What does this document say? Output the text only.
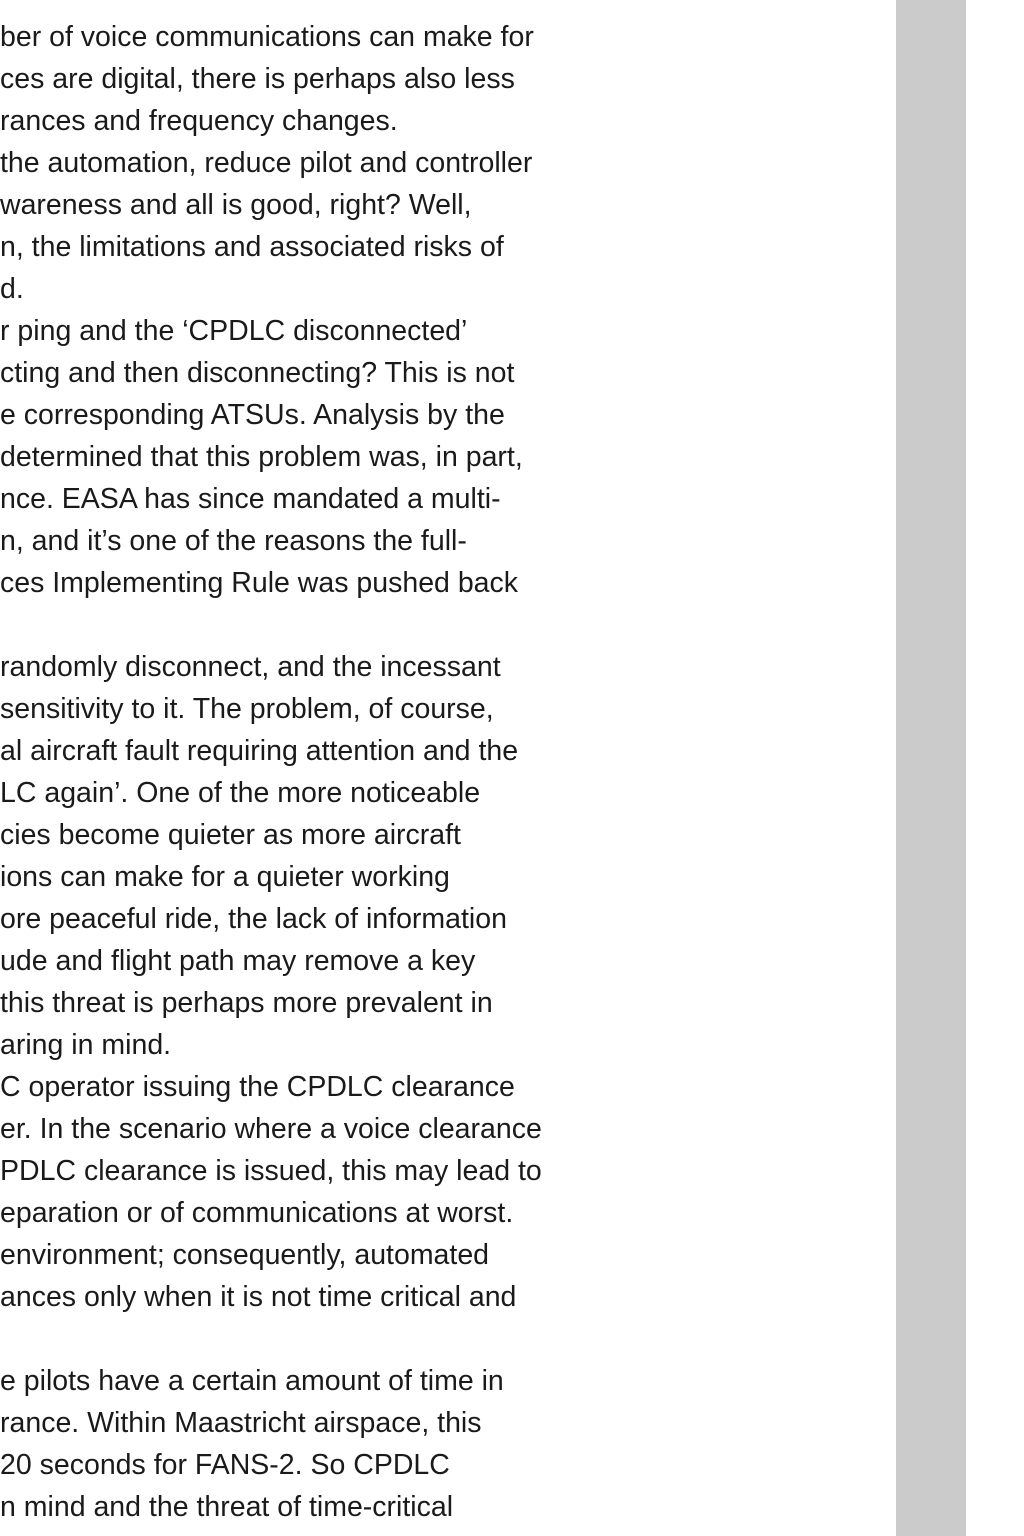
ber of voice communications can make for
ces are digital, there is perhaps also less
rances and frequency changes.
the automation, reduce pilot and controller
wareness and all is good, right? Well,
n, the limitations and associated risks of
d.
r ping and the ‘CPDLC disconnected’
cting and then disconnecting? This is not
e corresponding ATSUs. Analysis by the
determined that this problem was, in part,
nce. EASA has since mandated a multi-
n, and it’s one of the reasons the full-
ces Implementing Rule was pushed back
randomly disconnect, and the incessant
sensitivity to it. The problem, of course,
al aircraft fault requiring attention and the
LC again’. One of the more noticeable
cies become quieter as more aircraft
ions can make for a quieter working
ore peaceful ride, the lack of information
ude and flight path may remove a key
this threat is perhaps more prevalent in
aring in mind.
C operator issuing the CPDLC clearance
er. In the scenario where a voice clearance
PDLC clearance is issued, this may lead to
eparation or of communications at worst.
environment; consequently, automated
ances only when it is not time critical and
e pilots have a certain amount of time in
rance. Within Maastricht airspace, this
20 seconds for FANS-2. So CPDLC
n mind and the threat of time-critical
